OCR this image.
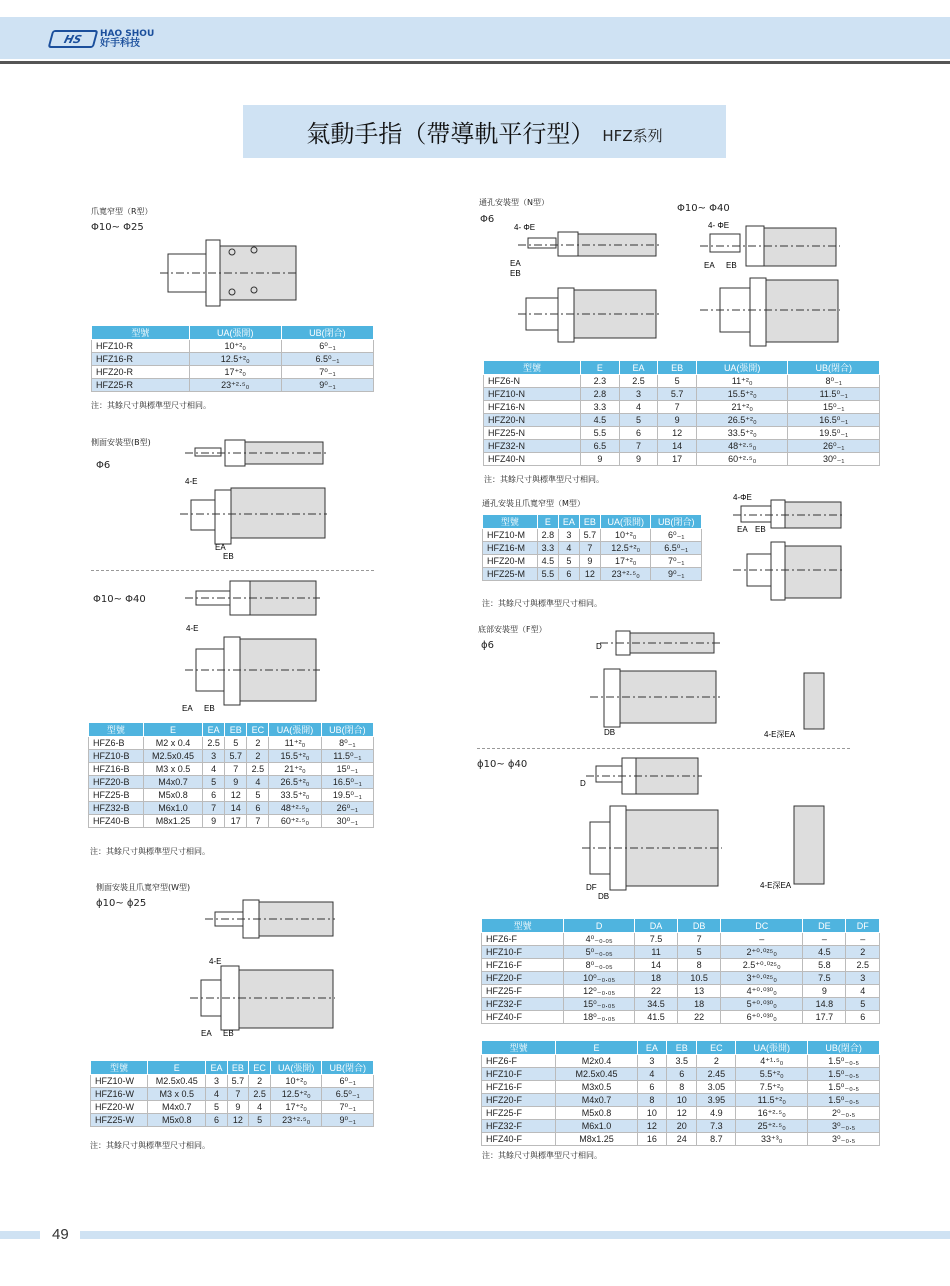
HS	HAO SHOU
好手科技
氣動手指（帶導軌平行型） HFZ系列
爪寬窄型（R型）
Φ10~ Φ25
型號	UA(張開)	UB(閉合)
HFZ10-R	10⁺²₀	6⁰₋₁
HFZ16-R	12.5⁺²₀	6.5⁰₋₁
HFZ20-R	17⁺²₀	7⁰₋₁
HFZ25-R	23⁺²·⁵₀	9⁰₋₁
注：其餘尺寸與標準型尺寸相同。
側面安裝型(B型)
Φ6
4-E
EA
EB
Φ10~ Φ40
4-E
EA EB
型號	E	EA	EB	EC	UA(張開)	UB(閉合)
HFZ6-B	M2 x 0.4	2.5	5	2	11⁺²₀	8⁰₋₁
HFZ10-B	M2.5x0.45	3	5.7	2	15.5⁺²₀	11.5⁰₋₁
HFZ16-B	M3 x 0.5	4	7	2.5	21⁺²₀	15⁰₋₁
HFZ20-B	M4x0.7	5	9	4	26.5⁺²₀	16.5⁰₋₁
HFZ25-B	M5x0.8	6	12	5	33.5⁺²₀	19.5⁰₋₁
HFZ32-B	M6x1.0	7	14	6	48⁺²·⁵₀	26⁰₋₁
HFZ40-B	M8x1.25	9	17	7	60⁺²·⁵₀	30⁰₋₁
注：其餘尺寸與標準型尺寸相同。
側面安裝且爪寬窄型(W型)
ϕ10~ ϕ25
4-E
EA EB
型號	E	EA	EB	EC	UA(張開)	UB(閉合)
HFZ10-W	M2.5x0.45	3	5.7	2	10⁺²₀	6⁰₋₁
HFZ16-W	M3 x 0.5	4	7	2.5	12.5⁺²₀	6.5⁰₋₁
HFZ20-W	M4x0.7	5	9	4	17⁺²₀	7⁰₋₁
HFZ25-W	M5x0.8	6	12	5	23⁺²·⁵₀	9⁰₋₁
注：其餘尺寸與標準型尺寸相同。
通孔安裝型（N型）
Φ6
Φ10~ Φ40
4- ΦE
EA
EB
4- ΦE
EA EB
型號	E	EA	EB	UA(張開)	UB(閉合)
HFZ6-N	2.3	2.5	5	11⁺²₀	8⁰₋₁
HFZ10-N	2.8	3	5.7	15.5⁺²₀	11.5⁰₋₁
HFZ16-N	3.3	4	7	21⁺²₀	15⁰₋₁
HFZ20-N	4.5	5	9	26.5⁺²₀	16.5⁰₋₁
HFZ25-N	5.5	6	12	33.5⁺²₀	19.5⁰₋₁
HFZ32-N	6.5	7	14	48⁺²·⁵₀	26⁰₋₁
HFZ40-N	9	9	17	60⁺²·⁵₀	30⁰₋₁
注：其餘尺寸與標準型尺寸相同。
通孔安裝且爪寬窄型（M型）
型號	E	EA	EB	UA(張開)	UB(閉合)
HFZ10-M	2.8	3	5.7	10⁺²₀	6⁰₋₁
HFZ16-M	3.3	4	7	12.5⁺²₀	6.5⁰₋₁
HFZ20-M	4.5	5	9	17⁺²₀	7⁰₋₁
HFZ25-M	5.5	6	12	23⁺²·⁵₀	9⁰₋₁
注：其餘尺寸與標準型尺寸相同。
4-ΦE
EA EB
底部安裝型（F型）
ϕ6	D
DB	4-E深EA
ϕ10~ ϕ40
D
DF
DB
4-E深EA
型號	D	DA	DB	DC	DE	DF
HFZ6-F	4⁰₋₀.₀₅	7.5	7	–	–	–
HFZ10-F	5⁰₋₀.₀₅	11	5	2⁺⁰·⁰²⁵₀	4.5	2
HFZ16-F	8⁰₋₀.₀₅	14	8	2.5⁺⁰·⁰²⁵₀	5.8	2.5
HFZ20-F	10⁰₋₀.₀₅	18	10.5	3⁺⁰·⁰²⁵₀	7.5	3
HFZ25-F	12⁰₋₀.₀₅	22	13	4⁺⁰·⁰³⁰₀	9	4
HFZ32-F	15⁰₋₀.₀₅	34.5	18	5⁺⁰·⁰³⁰₀	14.8	5
HFZ40-F	18⁰₋₀.₀₅	41.5	22	6⁺⁰·⁰³⁰₀	17.7	6
型號	E	EA	EB	EC	UA(張開)	UB(閉合)
HFZ6-F	M2x0.4	3	3.5	2	4⁺¹·⁵₀	1.5⁰₋₀.₅
HFZ10-F	M2.5x0.45	4	6	2.45	5.5⁺²₀	1.5⁰₋₀.₅
HFZ16-F	M3x0.5	6	8	3.05	7.5⁺²₀	1.5⁰₋₀.₅
HFZ20-F	M4x0.7	8	10	3.95	11.5⁺²₀	1.5⁰₋₀.₅
HFZ25-F	M5x0.8	10	12	4.9	16⁺²·⁵₀	2⁰₋₀.₅
HFZ32-F	M6x1.0	12	20	7.3	25⁺²·⁵₀	3⁰₋₀.₅
HFZ40-F	M8x1.25	16	24	8.7	33⁺³₀	3⁰₋₀.₅
注：其餘尺寸與標準型尺寸相同。
49
